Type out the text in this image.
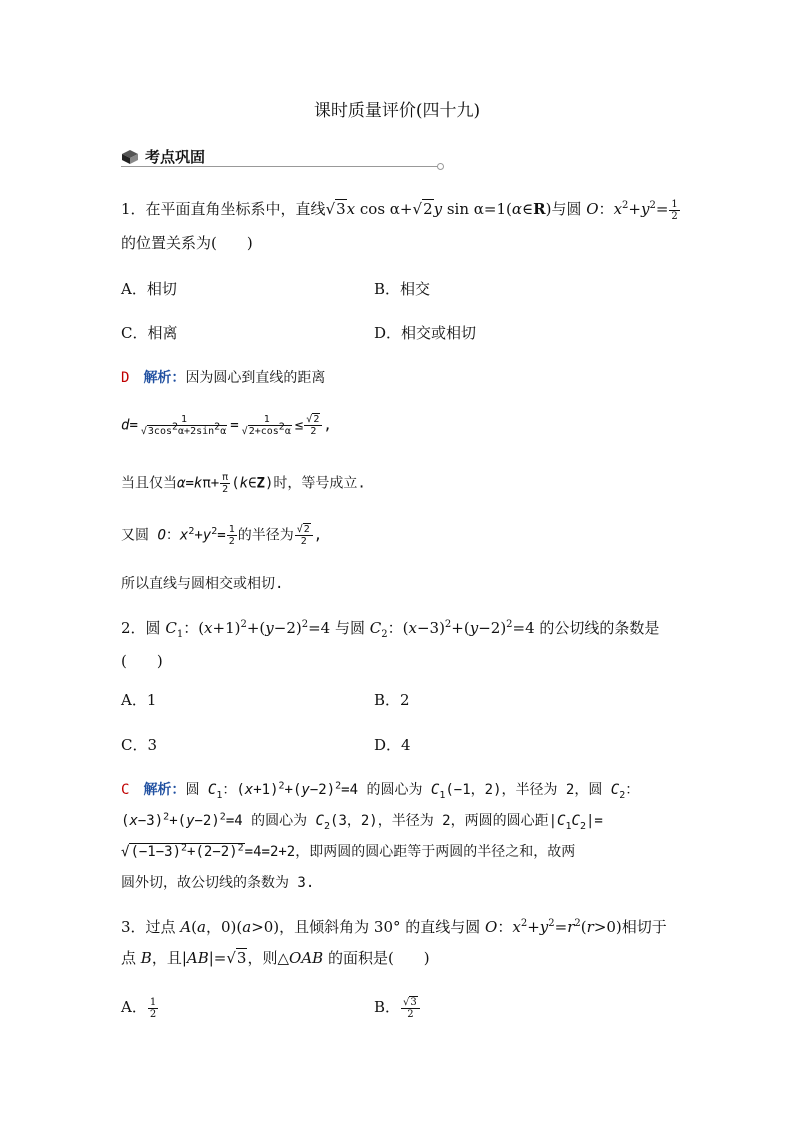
课时质量评价(四十九)
考点巩固
1．在平面直角坐标系中，直线√3x cos α+√2y sin α=1(α∈R)与圆 O：$x^2+y^2= \frac{1}{2}$
的位置关系为(　　)
A．相切	B．相交
C．相离	D．相交或相切
D　 解析：因为圆心到直线的距离
$d= \frac{1}{√3\cos^2\alpha+2\sin^2\alpha} = \frac{1}{√2+\cos^2\alpha} \le \frac{√2}{2}$ ,
当且仅当$\alpha=k\pi+ \frac{\pi}{2}$ (k∈Z)时，等号成立.
又圆 O：$x^2+y^2= \frac{1}{2}$ 的半径为 $\frac{√2}{2}$ ,
所以直线与圆相交或相切.
2．圆 $C_1$：$(x+1)^2+(y-2)^2=4$ 与圆 $C_2$：$(x-3)^2+(y-2)^2=4$ 的公切线的条数是
(　　)
A．1	B．2
C．3	D．4
C　 解析：圆 $C_1$：$(x+1)^2+(y-2)^2=4$ 的圆心为 $C_1(-1$，2)，半径为 2，圆 $C_2$：
$(x-3)^2+(y-2)^2=4$ 的圆心为 $C_2(3$，2)，半径为 2，两圆的圆心距$|C_1C_2|=$
$√(-1-3)^2+(2-2)^2=4=2+2$，即两圆的圆心距等于两圆的半径之和，故两
圆外切，故公切线的条数为 3.
3．过点 A(a，0)(a>0)，且倾斜角为 30° 的直线与圆 O：$x^2+y^2=r^2(r>0)$相切于
点 B，且|AB|=√3，则△OAB 的面积是(　　)
A． $\frac{1}{2}$	B． $\frac{√3}{2}$
